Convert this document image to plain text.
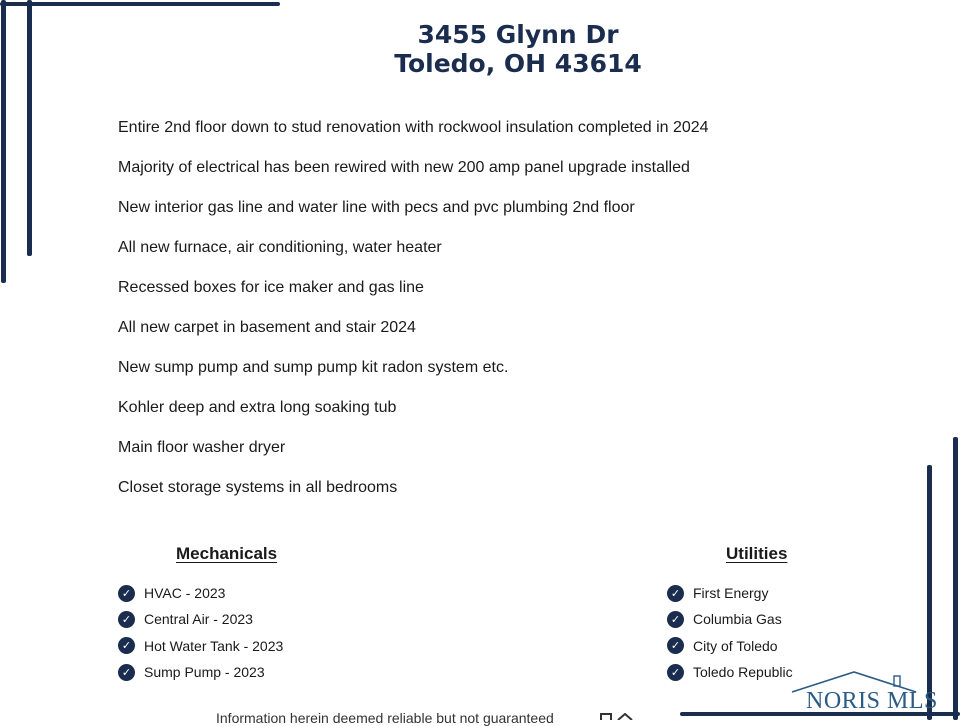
3455 Glynn Dr
Toledo, OH 43614
Entire 2nd floor down to stud renovation with rockwool insulation completed in 2024
Majority of electrical has been rewired with new 200 amp panel upgrade installed
New interior gas line and water line with pecs and pvc plumbing 2nd floor
All new furnace, air conditioning, water heater
Recessed boxes for ice maker and gas line
All new carpet in basement and stair 2024
New sump pump and sump pump kit radon system etc.
Kohler deep and extra long soaking tub
Main floor washer dryer
Closet storage systems in all bedrooms
Mechanicals
✓ HVAC - 2023
✓ Central Air - 2023
✓ Hot Water Tank - 2023
✓ Sump Pump - 2023
Utilities
✓ First Energy
✓ Columbia Gas
✓ City of Toledo
✓ Toledo Republic
Information herein deemed reliable but not guaranteed
NORIS MLS
